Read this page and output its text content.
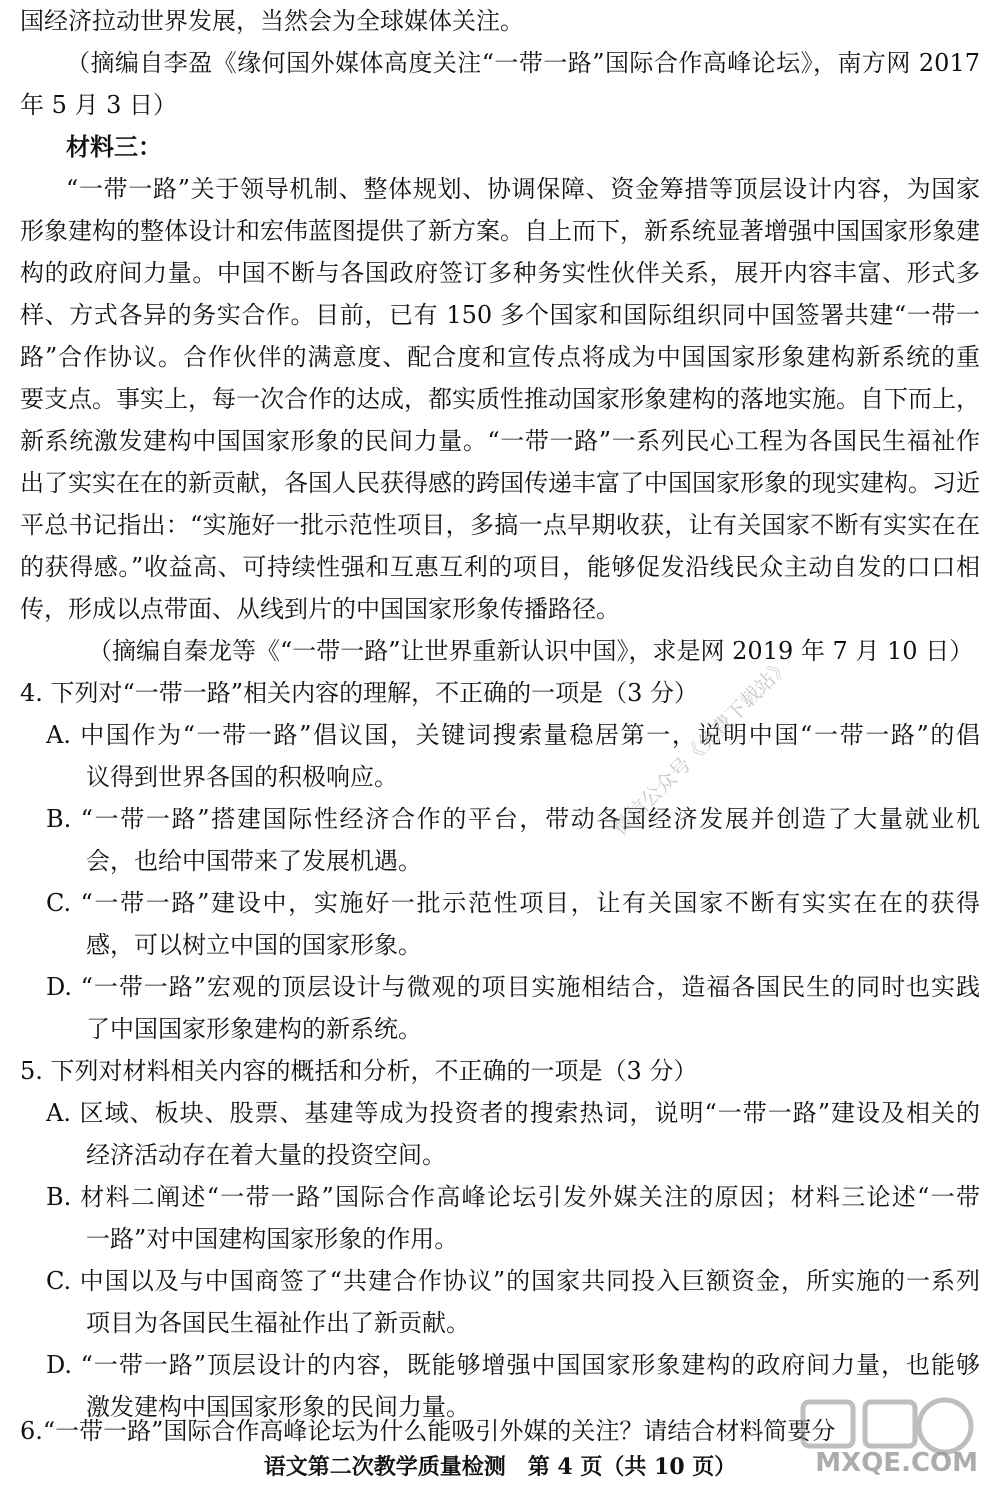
国经济拉动世界发展，当然会为全球媒体关注。
（摘编自李盈《缘何国外媒体高度关注“一带一路”国际合作高峰论坛》，南方网 2017
年 5 月 3 日）
材料三：
“一带一路”关于领导机制、整体规划、协调保障、资金筹措等顶层设计内容，为国家
形象建构的整体设计和宏伟蓝图提供了新方案。自上而下，新系统显著增强中国国家形象建
构的政府间力量。中国不断与各国政府签订多种务实性伙伴关系，展开内容丰富、形式多
样、方式各异的务实合作。目前，已有 150 多个国家和国际组织同中国签署共建“一带一
路”合作协议。合作伙伴的满意度、配合度和宣传点将成为中国国家形象建构新系统的重
要支点。事实上，每一次合作的达成，都实质性推动国家形象建构的落地实施。自下而上，
新系统激发建构中国国家形象的民间力量。“一带一路”一系列民心工程为各国民生福祉作
出了实实在在的新贡献，各国人民获得感的跨国传递丰富了中国国家形象的现实建构。习近
平总书记指出：“实施好一批示范性项目，多搞一点早期收获，让有关国家不断有实实在在
的获得感。”收益高、可持续性强和互惠互利的项目，能够促发沿线民众主动自发的口口相
传，形成以点带面、从线到片的中国国家形象传播路径。
（摘编自秦龙等《“一带一路”让世界重新认识中国》，求是网 2019 年 7 月 10 日）
4. 下列对“一带一路”相关内容的理解，不正确的一项是（3 分）
A. 中国作为“一带一路”倡议国，关键词搜索量稳居第一，说明中国“一带一路”的倡
议得到世界各国的积极响应。
B. “一带一路”搭建国际性经济合作的平台，带动各国经济发展并创造了大量就业机
会，也给中国带来了发展机遇。
C. “一带一路”建设中，实施好一批示范性项目，让有关国家不断有实实在在的获得
感，可以树立中国的国家形象。
D. “一带一路”宏观的顶层设计与微观的项目实施相结合，造福各国民生的同时也实践
了中国国家形象建构的新系统。
5. 下列对材料相关内容的概括和分析，不正确的一项是（3 分）
A. 区域、板块、股票、基建等成为投资者的搜索热词，说明“一带一路”建设及相关的
经济活动存在着大量的投资空间。
B. 材料二阐述“一带一路”国际合作高峰论坛引发外媒关注的原因；材料三论述“一带
一路”对中国建构国家形象的作用。
C. 中国以及与中国商签了“共建合作协议”的国家共同投入巨额资金，所实施的一系列
项目为各国民生福祉作出了新贡献。
D. “一带一路”顶层设计的内容，既能够增强中国国家形象建构的政府间力量，也能够
激发建构中国国家形象的民间力量。
6.“一带一路”国际合作高峰论坛为什么能吸引外媒的关注？请结合材料简要分
语文第二次教学质量检测　第 4 页（共 10 页）
微信公众号《免费下载站》
MXQE.COM
